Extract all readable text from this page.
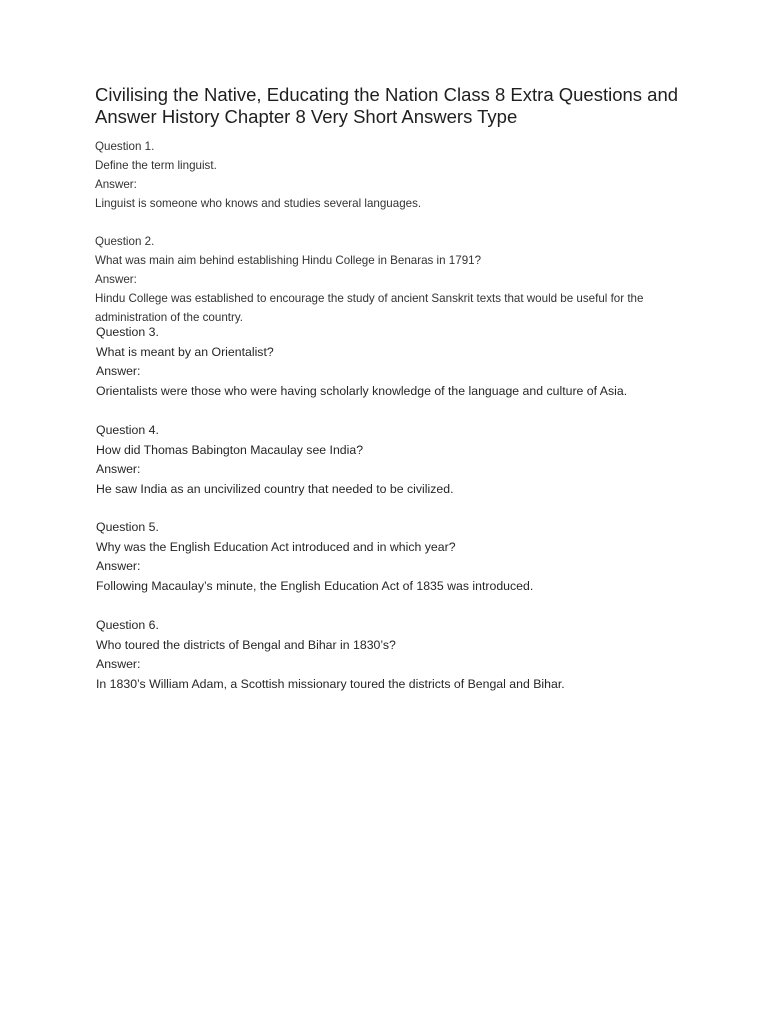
Civilising the Native, Educating the Nation Class 8 Extra Questions and Answer History Chapter 8 Very Short Answers Type
Question 1.
Define the term linguist.
Answer:
Linguist is someone who knows and studies several languages.
Question 2.
What was main aim behind establishing Hindu College in Benaras in 1791?
Answer:
Hindu College was established to encourage the study of ancient Sanskrit texts that would be useful for the administration of the country.
Question 3.
What is meant by an Orientalist?
Answer:
Orientalists were those who were having scholarly knowledge of the language and culture of Asia.
Question 4.
How did Thomas Babington Macaulay see India?
Answer:
He saw India as an uncivilized country that needed to be civilized.
Question 5.
Why was the English Education Act introduced and in which year?
Answer:
Following Macaulay’s minute, the English Education Act of 1835 was introduced.
Question 6.
Who toured the districts of Bengal and Bihar in 1830’s?
Answer:
In 1830’s William Adam, a Scottish missionary toured the districts of Bengal and Bihar.
